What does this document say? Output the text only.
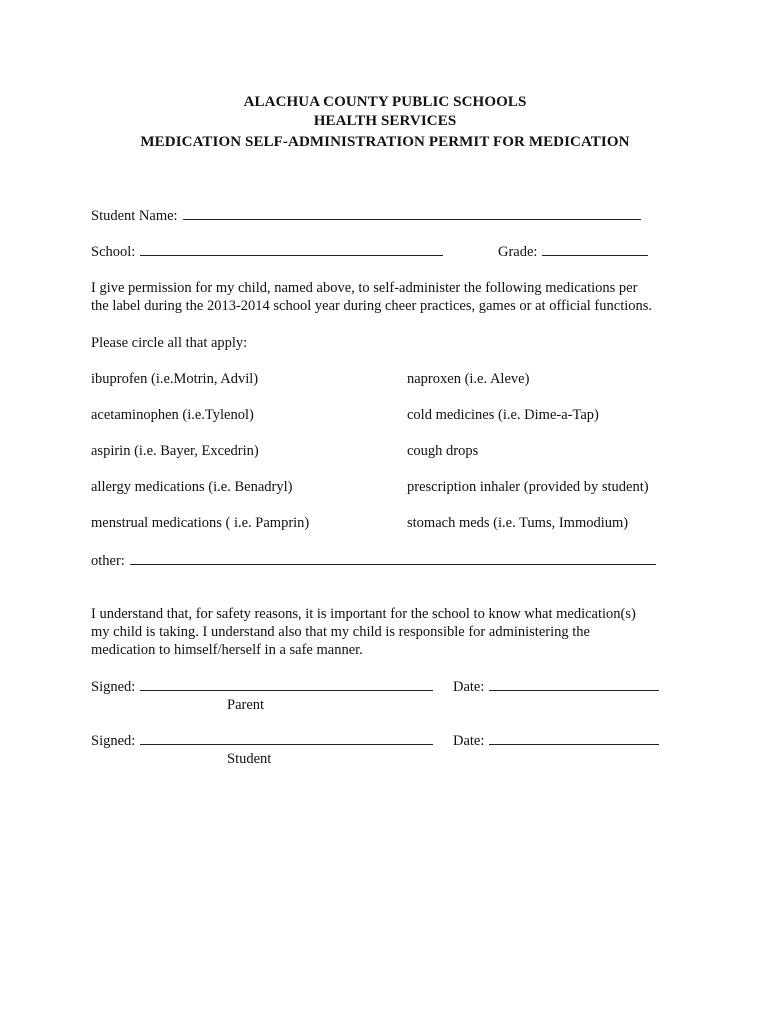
ALACHUA COUNTY PUBLIC SCHOOLS
HEALTH SERVICES
MEDICATION SELF-ADMINISTRATION PERMIT FOR MEDICATION
Student Name:
School:	Grade:
I give permission for my child, named above, to self-administer the following medications per
the label during the 2013-2014 school year during cheer practices, games or at official functions.
Please circle all that apply:
ibuprofen (i.e.Motrin, Advil)
acetaminophen (i.e.Tylenol)
aspirin (i.e. Bayer, Excedrin)
allergy medications (i.e. Benadryl)
menstrual medications ( i.e. Pamprin)
naproxen (i.e. Aleve)
cold medicines (i.e. Dime-a-Tap)
cough drops
prescription inhaler (provided by student)
stomach meds (i.e. Tums, Immodium)
other:
I understand that, for safety reasons, it is important for the school to know what medication(s)
my child is taking. I understand also that my child is responsible for administering the
medication to himself/herself in a safe manner.
Signed:	Date:
Parent
Signed:	Date:
Student
